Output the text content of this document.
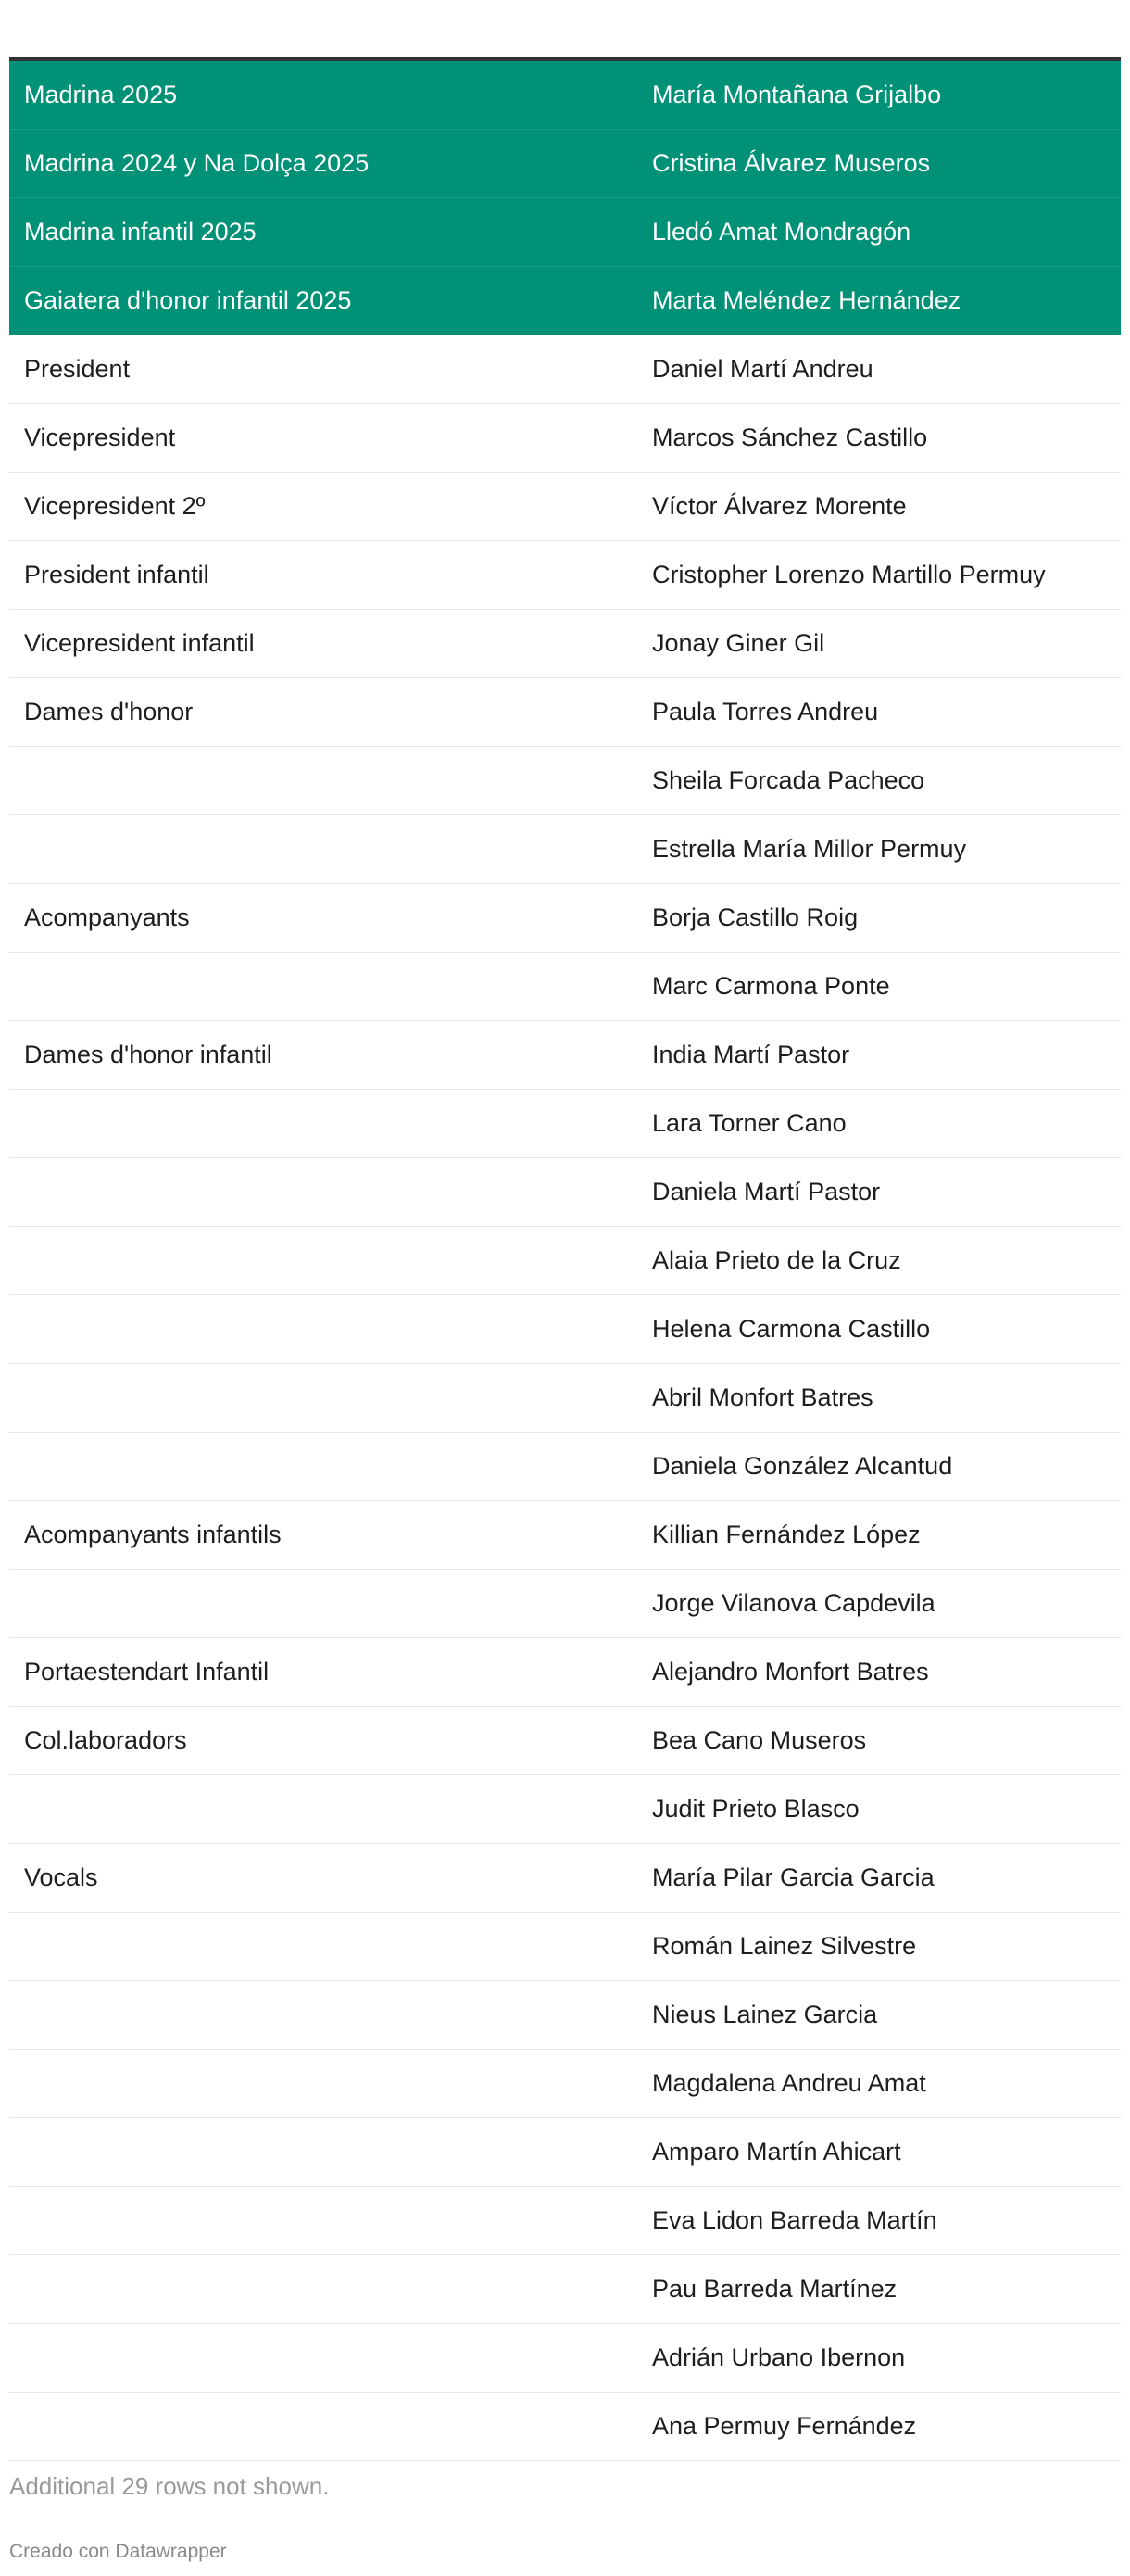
Madrina 2025	María Montañana Grijalbo
Madrina 2024 y Na Dolça 2025	Cristina Álvarez Museros
Madrina infantil 2025	Lledó Amat Mondragón
Gaiatera d'honor infantil 2025	Marta Meléndez Hernández
President	Daniel Martí Andreu
Vicepresident	Marcos Sánchez Castillo
Vicepresident 2º	Víctor Álvarez Morente
President infantil	Cristopher Lorenzo Martillo Permuy
Vicepresident infantil	Jonay Giner Gil
Dames d'honor	Paula Torres Andreu
Sheila Forcada Pacheco
Estrella María Millor Permuy
Acompanyants	Borja Castillo Roig
Marc Carmona Ponte
Dames d'honor infantil	India Martí Pastor
Lara Torner Cano
Daniela Martí Pastor
Alaia Prieto de la Cruz
Helena Carmona Castillo
Abril Monfort Batres
Daniela González Alcantud
Acompanyants infantils	Killian Fernández López
Jorge Vilanova Capdevila
Portaestendart Infantil	Alejandro Monfort Batres
Col.laboradors	Bea Cano Museros
Judit Prieto Blasco
Vocals	María Pilar Garcia Garcia
Román Lainez Silvestre
Nieus Lainez Garcia
Magdalena Andreu Amat
Amparo Martín Ahicart
Eva Lidon Barreda Martín
Pau Barreda Martínez
Adrián Urbano Ibernon
Ana Permuy Fernández
Additional 29 rows not shown.
Creado con Datawrapper
